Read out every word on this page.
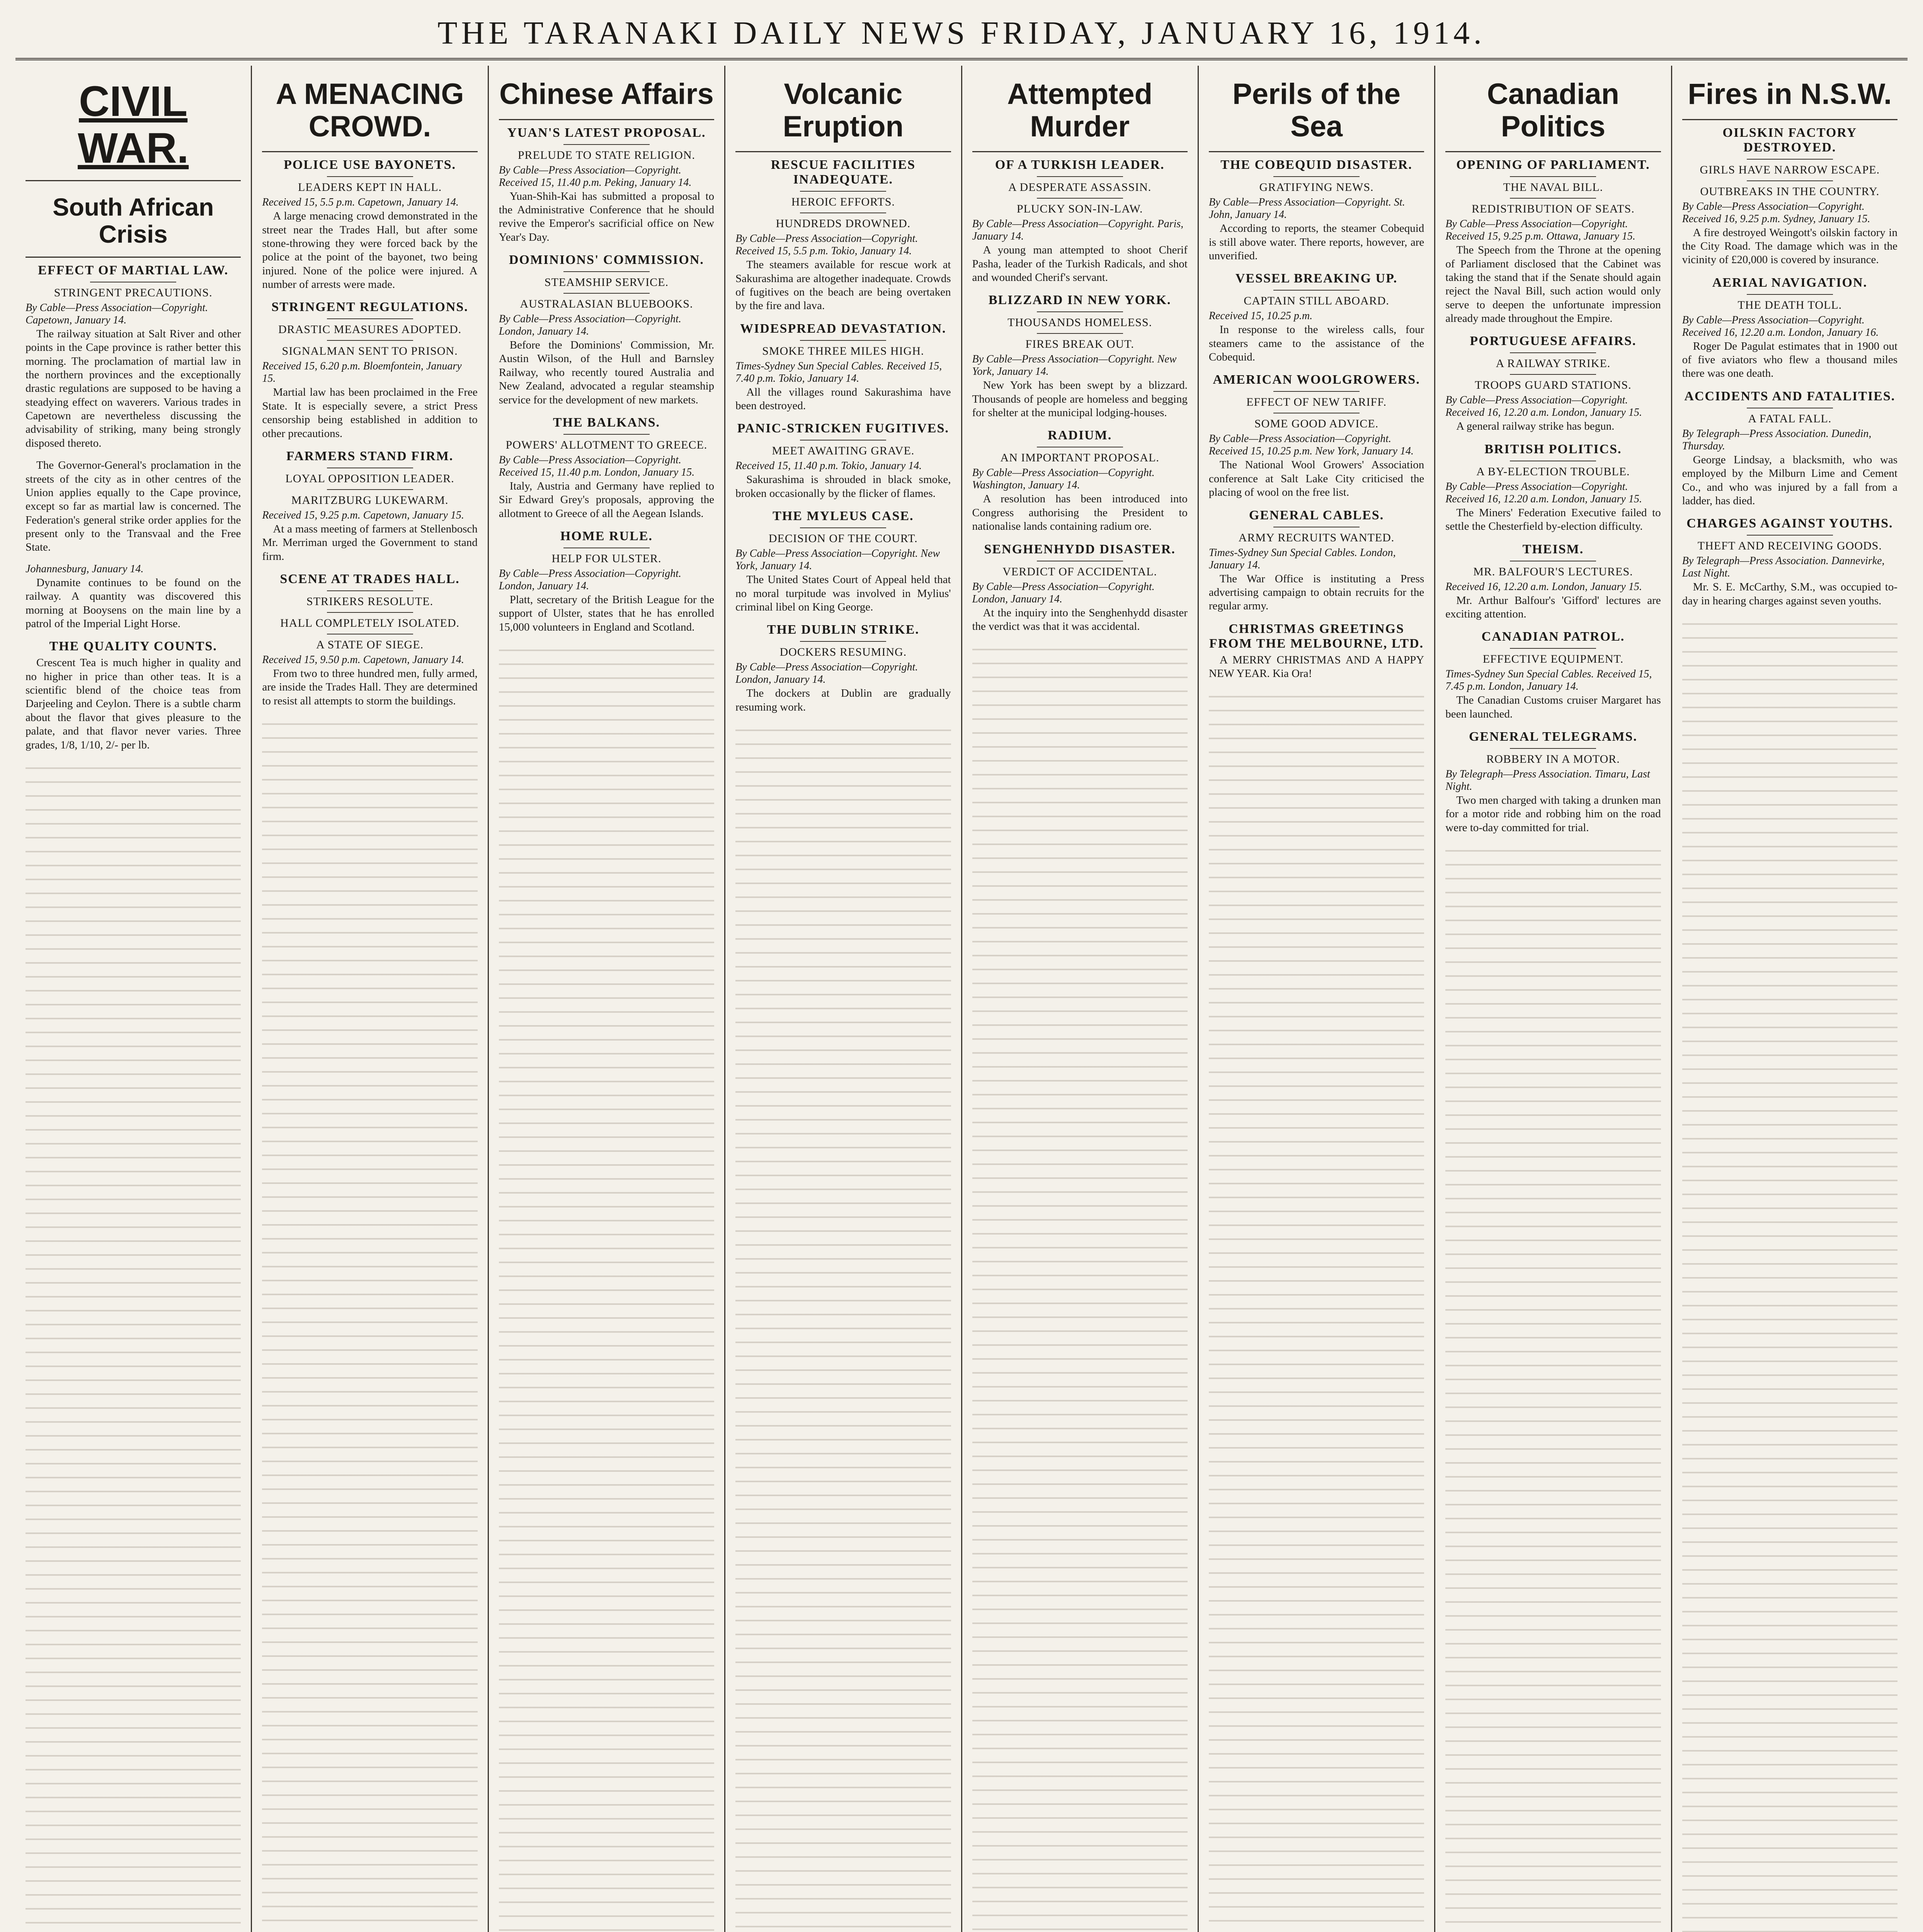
THE TARANAKI DAILY NEWS FRIDAY, JANUARY 16, 1914.
CIVIL WAR.
South African Crisis
EFFECT OF MARTIAL LAW.
STRINGENT PRECAUTIONS.
By Cable—Press Association—Copyright. Capetown, January 14.

The railway situation at Salt River and other points in the Cape province is rather better this morning. The proclamation of martial law in the northern provinces and the exceptionally drastic regulations are supposed to be having a steadying effect on waverers. Various trades in Capetown are nevertheless discussing the advisability of striking, many being strongly disposed thereto.

The Governor-General's proclamation in the streets of the city as in other centres of the Union applies equally to the Cape province, except so far as martial law is concerned. The Federation's general strike order applies for the present only to the Transvaal and the Free State.

Johannesburg, January 14.

Dynamite continues to be found on the railway. A quantity was discovered this morning at Booysens on the main line by a patrol of the Imperial Light Horse.

THE QUALITY COUNTS.

Crescent Tea is much higher in quality and no higher in price than other teas. It is a scientific blend of the choice teas from Darjeeling and Ceylon. There is a subtle charm about the flavor that gives pleasure to the palate, and that flavor never varies. Three grades, 1/8, 1/10, 2/- per lb.

A MENACING CROWD.
POLICE USE BAYONETS.
LEADERS KEPT IN HALL.
Received 15, 5.5 p.m. Capetown, January 14.

A large menacing crowd demonstrated in the street near the Trades Hall, but after some stone-throwing they were forced back by the police at the point of the bayonet, two being injured. None of the police were injured. A number of arrests were made.

STRINGENT REGULATIONS.
DRASTIC MEASURES ADOPTED.
SIGNALMAN SENT TO PRISON.
Received 15, 6.20 p.m. Bloemfontein, January 15.

Martial law has been proclaimed in the Free State. It is especially severe, a strict Press censorship being established in addition to other precautions.

FARMERS STAND FIRM.
LOYAL OPPOSITION LEADER.
MARITZBURG LUKEWARM.
Received 15, 9.25 p.m. Capetown, January 15.

At a mass meeting of farmers at Stellenbosch Mr. Merriman urged the Government to stand firm.

SCENE AT TRADES HALL.
STRIKERS RESOLUTE.
HALL COMPLETELY ISOLATED.
A STATE OF SIEGE.
Received 15, 9.50 p.m. Capetown, January 14.

From two to three hundred men, fully armed, are inside the Trades Hall. They are determined to resist all attempts to storm the buildings.

Chinese Affairs
YUAN'S LATEST PROPOSAL.
PRELUDE TO STATE RELIGION.
By Cable—Press Association—Copyright. Received 15, 11.40 p.m. Peking, January 14.

Yuan-Shih-Kai has submitted a proposal to the Administrative Conference that he should revive the Emperor's sacrificial office on New Year's Day.

DOMINIONS' COMMISSION.
STEAMSHIP SERVICE.
AUSTRALASIAN BLUEBOOKS.
By Cable—Press Association—Copyright. London, January 14.

Before the Dominions' Commission, Mr. Austin Wilson, of the Hull and Barnsley Railway, who recently toured Australia and New Zealand, advocated a regular steamship service for the development of new markets.

THE BALKANS.
POWERS' ALLOTMENT TO GREECE.
By Cable—Press Association—Copyright. Received 15, 11.40 p.m. London, January 15.

Italy, Austria and Germany have replied to Sir Edward Grey's proposals, approving the allotment to Greece of all the Aegean Islands.

HOME RULE.
HELP FOR ULSTER.
By Cable—Press Association—Copyright. London, January 14.

Platt, secretary of the British League for the support of Ulster, states that he has enrolled 15,000 volunteers in England and Scotland.

Volcanic Eruption
RESCUE FACILITIES INADEQUATE.
HEROIC EFFORTS.
HUNDREDS DROWNED.
By Cable—Press Association—Copyright. Received 15, 5.5 p.m. Tokio, January 14.

The steamers available for rescue work at Sakurashima are altogether inadequate. Crowds of fugitives on the beach are being overtaken by the fire and lava.

WIDESPREAD DEVASTATION.
SMOKE THREE MILES HIGH.
Times-Sydney Sun Special Cables. Received 15, 7.40 p.m. Tokio, January 14.

All the villages round Sakurashima have been destroyed.

PANIC-STRICKEN FUGITIVES.
MEET AWAITING GRAVE.
Received 15, 11.40 p.m. Tokio, January 14.

Sakurashima is shrouded in black smoke, broken occasionally by the flicker of flames.

THE MYLEUS CASE.
DECISION OF THE COURT.
By Cable—Press Association—Copyright. New York, January 14.

The United States Court of Appeal held that no moral turpitude was involved in Mylius' criminal libel on King George.

THE DUBLIN STRIKE.
DOCKERS RESUMING.
By Cable—Press Association—Copyright. London, January 14.

The dockers at Dublin are gradually resuming work.

Attempted Murder
OF A TURKISH LEADER.
A DESPERATE ASSASSIN.
PLUCKY SON-IN-LAW.
By Cable—Press Association—Copyright. Paris, January 14.

A young man attempted to shoot Cherif Pasha, leader of the Turkish Radicals, and shot and wounded Cherif's servant.

BLIZZARD IN NEW YORK.
THOUSANDS HOMELESS.
FIRES BREAK OUT.
By Cable—Press Association—Copyright. New York, January 14.

New York has been swept by a blizzard. Thousands of people are homeless and begging for shelter at the municipal lodging-houses.

RADIUM.
AN IMPORTANT PROPOSAL.
By Cable—Press Association—Copyright. Washington, January 14.

A resolution has been introduced into Congress authorising the President to nationalise lands containing radium ore.

SENGHENHYDD DISASTER.
VERDICT OF ACCIDENTAL.
By Cable—Press Association—Copyright. London, January 14.

At the inquiry into the Senghenhydd disaster the verdict was that it was accidental.

Perils of the Sea
THE COBEQUID DISASTER.
GRATIFYING NEWS.
By Cable—Press Association—Copyright. St. John, January 14.

According to reports, the steamer Cobequid is still above water. There reports, however, are unverified.

VESSEL BREAKING UP.
CAPTAIN STILL ABOARD.
Received 15, 10.25 p.m.

In response to the wireless calls, four steamers came to the assistance of the Cobequid.

AMERICAN WOOLGROWERS.
EFFECT OF NEW TARIFF.
SOME GOOD ADVICE.
By Cable—Press Association—Copyright. Received 15, 10.25 p.m. New York, January 14.

The National Wool Growers' Association conference at Salt Lake City criticised the placing of wool on the free list.

GENERAL CABLES.
ARMY RECRUITS WANTED.
Times-Sydney Sun Special Cables. London, January 14.

The War Office is instituting a Press advertising campaign to obtain recruits for the regular army.

CHRISTMAS GREETINGS FROM THE MELBOURNE, LTD.

A MERRY CHRISTMAS AND A HAPPY NEW YEAR. Kia Ora!

Canadian Politics
OPENING OF PARLIAMENT.
THE NAVAL BILL.
REDISTRIBUTION OF SEATS.
By Cable—Press Association—Copyright. Received 15, 9.25 p.m. Ottawa, January 15.

The Speech from the Throne at the opening of Parliament disclosed that the Cabinet was taking the stand that if the Senate should again reject the Naval Bill, such action would only serve to deepen the unfortunate impression already made throughout the Empire.

PORTUGUESE AFFAIRS.
A RAILWAY STRIKE.
TROOPS GUARD STATIONS.
By Cable—Press Association—Copyright. Received 16, 12.20 a.m. London, January 15.

A general railway strike has begun.

BRITISH POLITICS.
A BY-ELECTION TROUBLE.
By Cable—Press Association—Copyright. Received 16, 12.20 a.m. London, January 15.

The Miners' Federation Executive failed to settle the Chesterfield by-election difficulty.

THEISM.
MR. BALFOUR'S LECTURES.
Received 16, 12.20 a.m. London, January 15.

Mr. Arthur Balfour's 'Gifford' lectures are exciting attention.

CANADIAN PATROL.
EFFECTIVE EQUIPMENT.
Times-Sydney Sun Special Cables. Received 15, 7.45 p.m. London, January 14.

The Canadian Customs cruiser Margaret has been launched.

GENERAL TELEGRAMS.
ROBBERY IN A MOTOR.
By Telegraph—Press Association. Timaru, Last Night.

Two men charged with taking a drunken man for a motor ride and robbing him on the road were to-day committed for trial.

Fires in N.S.W.
OILSKIN FACTORY DESTROYED.
GIRLS HAVE NARROW ESCAPE.
OUTBREAKS IN THE COUNTRY.
By Cable—Press Association—Copyright. Received 16, 9.25 p.m. Sydney, January 15.

A fire destroyed Weingott's oilskin factory in the City Road. The damage which was in the vicinity of £20,000 is covered by insurance.

AERIAL NAVIGATION.
THE DEATH TOLL.
By Cable—Press Association—Copyright. Received 16, 12.20 a.m. London, January 16.

Roger De Pagulat estimates that in 1900 out of five aviators who flew a thousand miles there was one death.

ACCIDENTS AND FATALITIES.
A FATAL FALL.
By Telegraph—Press Association. Dunedin, Thursday.

George Lindsay, a blacksmith, who was employed by the Milburn Lime and Cement Co., and who was injured by a fall from a ladder, has died.

CHARGES AGAINST YOUTHS.
THEFT AND RECEIVING GOODS.
By Telegraph—Press Association. Dannevirke, Last Night.

Mr. S. E. McCarthy, S.M., was occupied to-day in hearing charges against seven youths.
